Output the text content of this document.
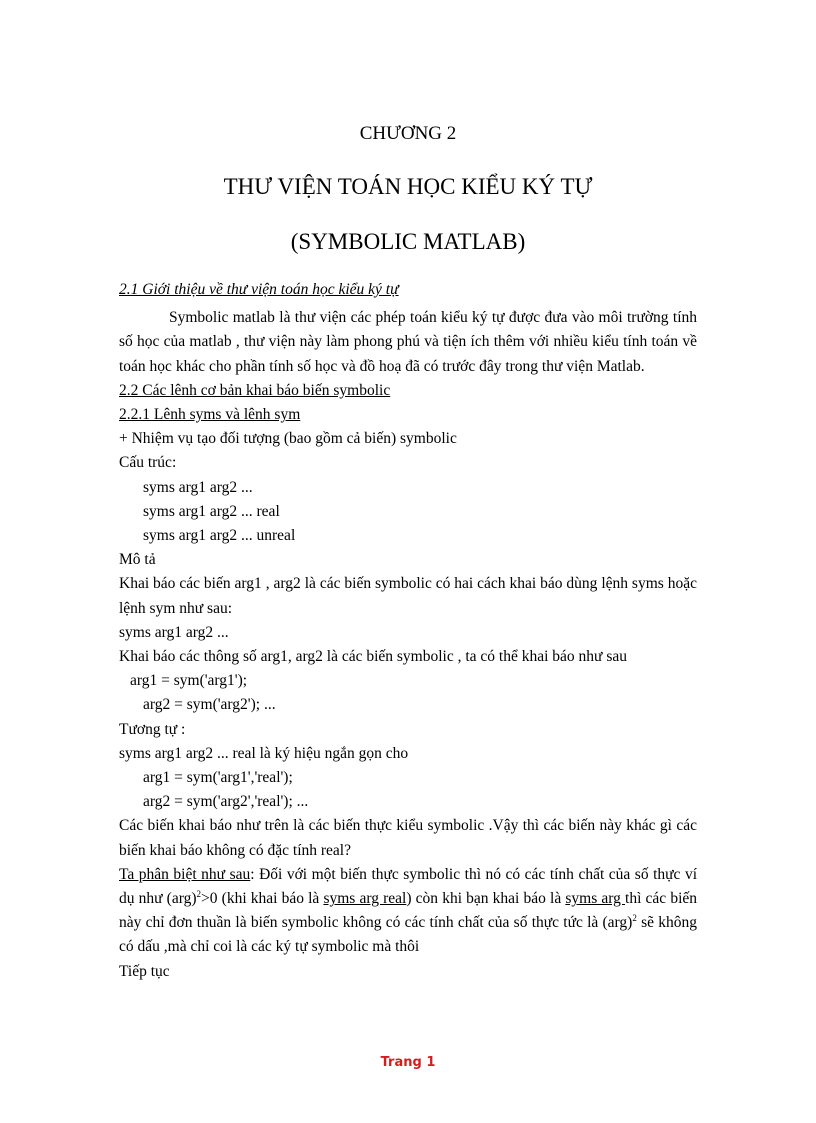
CHƯƠNG 2
THƯ VIỆN TOÁN HỌC KIỂU KÝ TỰ
(SYMBOLIC MATLAB)

2.1 Giới thiệu về thư viện toán học kiểu ký tự

Symbolic matlab là thư viện các phép toán kiểu ký tự được đưa vào môi trường tính số học của matlab , thư viện này làm phong phú và tiện ích thêm với nhiều kiểu tính toán về toán học khác cho phần tính số học và đồ hoạ đã có trước đây trong thư viện Matlab.

2.2 Các lênh cơ bản khai báo biến symbolic

2.2.1 Lênh syms và lênh sym

+ Nhiệm vụ tạo đối tượng (bao gồm cả biến) symbolic

Cấu trúc:

syms arg1 arg2 ...

syms arg1 arg2 ... real

syms arg1 arg2 ... unreal

Mô tả

Khai báo các biến arg1 , arg2 là các biến symbolic có hai cách khai báo dùng lệnh syms hoặc lệnh sym như sau:

syms arg1 arg2 ...

Khai báo các thông số arg1, arg2 là các biến symbolic , ta có thể khai báo như sau

arg1 = sym('arg1');

arg2 = sym('arg2'); ...

Tương tự :

syms arg1 arg2 ... real là ký hiệu ngắn gọn cho

arg1 = sym('arg1','real');

arg2 = sym('arg2','real'); ...

Các biến khai báo như trên là các biến thực kiểu symbolic .Vậy thì các biến này khác gì các biến khai báo không có đặc tính real?

Ta phân biệt như sau: Đối với một biến thực symbolic thì nó có các tính chất của số thực ví dụ như (arg)$^2$>0 (khi khai báo là syms arg real) còn khi bạn khai báo là syms arg thì các biến này chỉ đơn thuần là biến symbolic không có các tính chất của số thực tức là (arg)$^2$ sẽ không có dấu ,mà chỉ coi là các ký tự symbolic mà thôi

Tiếp tục

Trang 1
